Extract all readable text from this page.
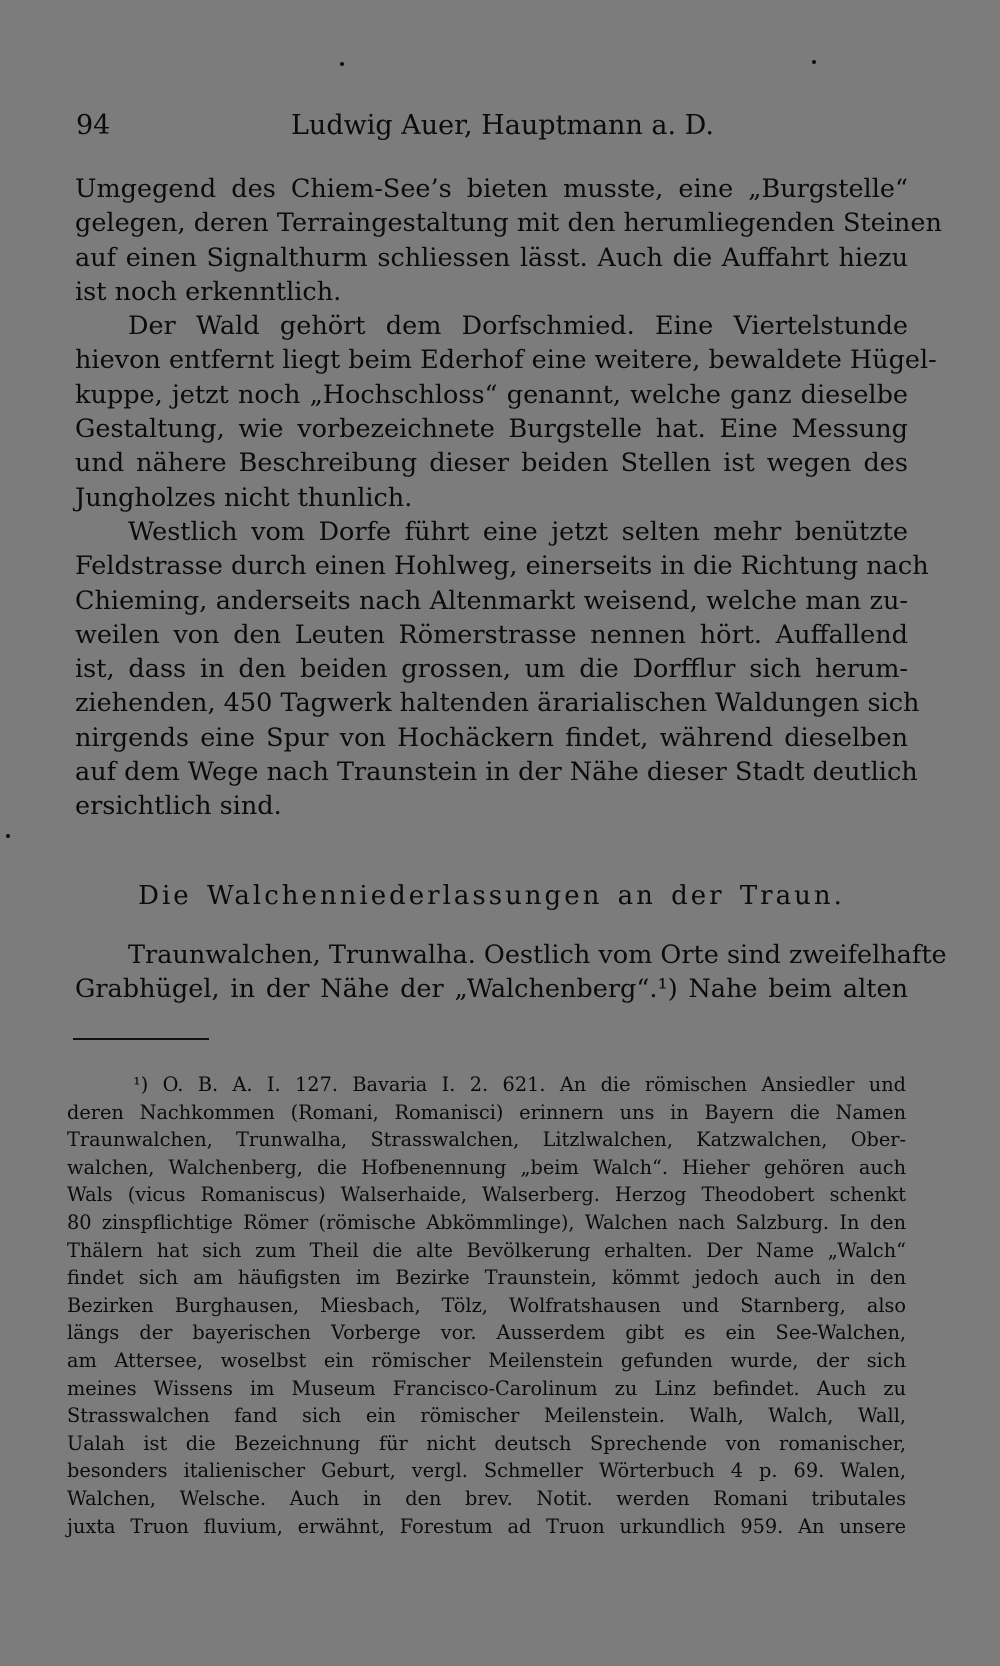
94	Ludwig Auer, Hauptmann a. D.
Umgegend des Chiem-See’s bieten musste, eine „Burgstelle“
gelegen, deren Terraingestaltung mit den herumliegenden Steinen
auf einen Signalthurm schliessen lässt. Auch die Auffahrt hiezu
ist noch erkenntlich.
Der Wald gehört dem Dorfschmied. Eine Viertelstunde
hievon entfernt liegt beim Ederhof eine weitere, bewaldete Hügel-
kuppe, jetzt noch „Hochschloss“ genannt, welche ganz dieselbe
Gestaltung, wie vorbezeichnete Burgstelle hat. Eine Messung
und nähere Beschreibung dieser beiden Stellen ist wegen des
Jungholzes nicht thunlich.
Westlich vom Dorfe führt eine jetzt selten mehr benützte
Feldstrasse durch einen Hohlweg, einerseits in die Richtung nach
Chieming, anderseits nach Altenmarkt weisend, welche man zu-
weilen von den Leuten Römerstrasse nennen hört. Auffallend
ist, dass in den beiden grossen, um die Dorfflur sich herum-
ziehenden, 450 Tagwerk haltenden ärarialischen Waldungen sich
nirgends eine Spur von Hochäckern findet, während dieselben
auf dem Wege nach Traunstein in der Nähe dieser Stadt deutlich
ersichtlich sind.
Die Walchenniederlassungen an der Traun.
Traunwalchen, Trunwalha. Oestlich vom Orte sind zweifelhafte
Grabhügel, in der Nähe der „Walchenberg“.¹) Nahe beim alten
¹) O. B. A. I. 127. Bavaria I. 2. 621. An die römischen Ansiedler und
deren Nachkommen (Romani, Romanisci) erinnern uns in Bayern die Namen
Traunwalchen, Trunwalha, Strasswalchen, Litzlwalchen, Katzwalchen, Ober-
walchen, Walchenberg, die Hofbenennung „beim Walch“. Hieher gehören auch
Wals (vicus Romaniscus) Walserhaide, Walserberg. Herzog Theodobert schenkt
80 zinspflichtige Römer (römische Abkömmlinge), Walchen nach Salzburg. In den
Thälern hat sich zum Theil die alte Bevölkerung erhalten. Der Name „Walch“
findet sich am häufigsten im Bezirke Traunstein, kömmt jedoch auch in den
Bezirken Burghausen, Miesbach, Tölz, Wolfratshausen und Starnberg, also
längs der bayerischen Vorberge vor. Ausserdem gibt es ein See-Walchen,
am Attersee, woselbst ein römischer Meilenstein gefunden wurde, der sich
meines Wissens im Museum Francisco-Carolinum zu Linz befindet. Auch zu
Strasswalchen fand sich ein römischer Meilenstein. Walh, Walch, Wall,
Ualah ist die Bezeichnung für nicht deutsch Sprechende von romanischer,
besonders italienischer Geburt, vergl. Schmeller Wörterbuch 4 p. 69. Walen,
Walchen, Welsche. Auch in den brev. Notit. werden Romani tributales
juxta Truon fluvium, erwähnt, Forestum ad Truon urkundlich 959. An unsere
